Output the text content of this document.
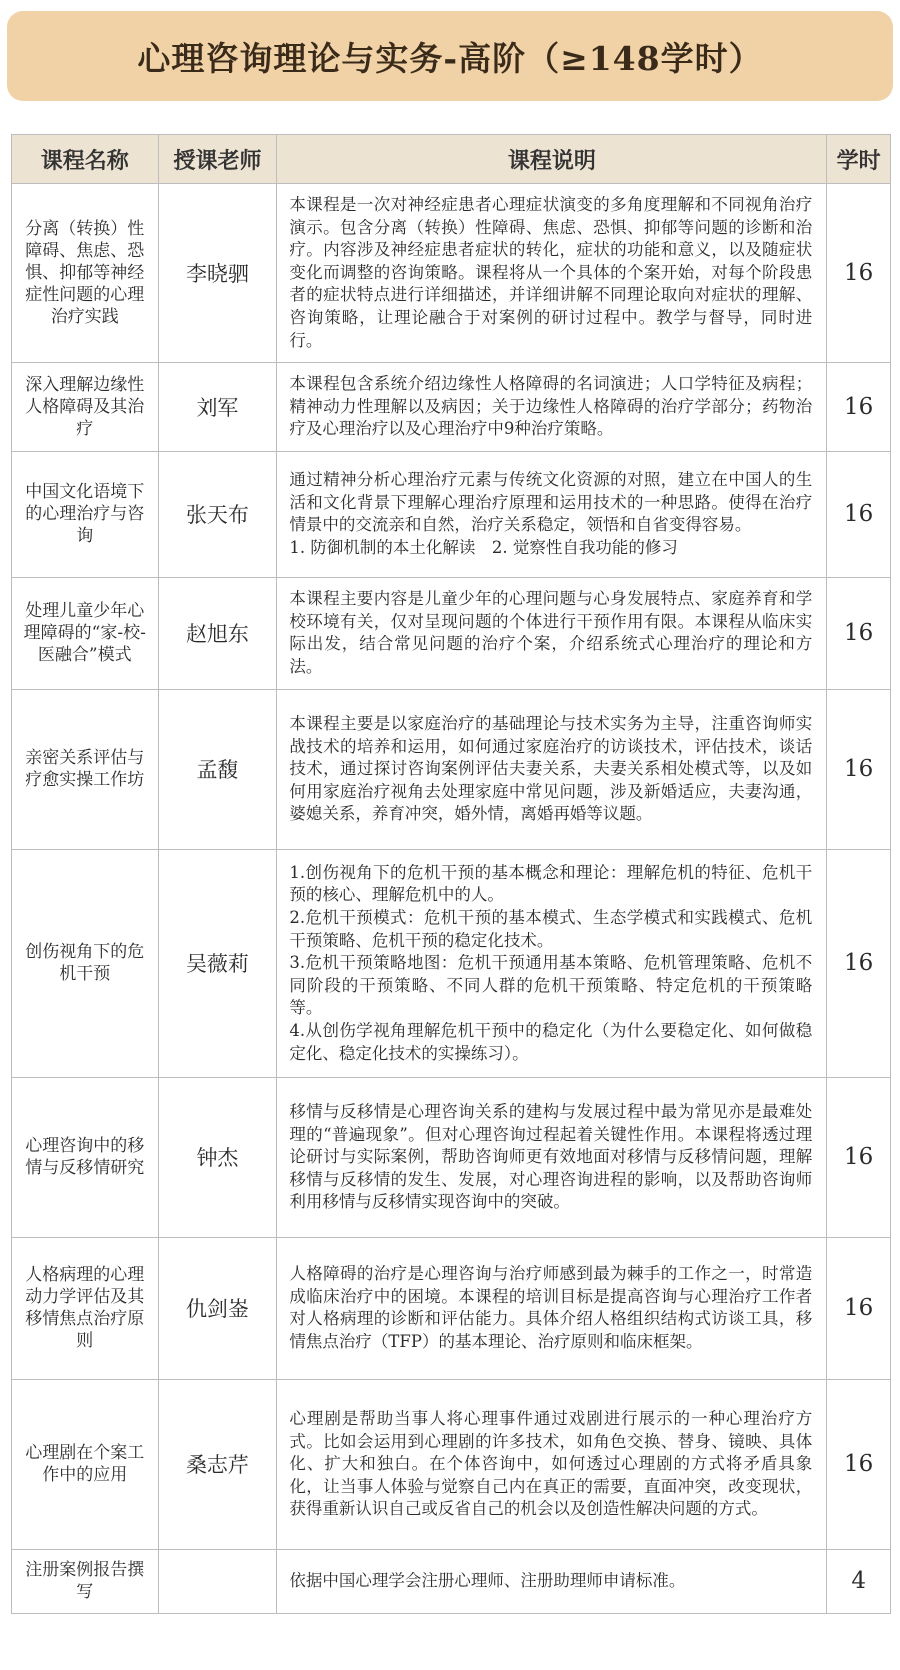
心理咨询理论与实务-高阶（≥148学时）
课程名称	授课老师	课程说明	学时
分离（转换）性障碍、焦虑、恐惧、抑郁等神经症性问题的心理治疗实践	李晓驷	本课程是一次对神经症患者心理症状演变的多角度理解和不同视角治疗演示。包含分离（转换）性障碍、焦虑、恐惧、抑郁等问题的诊断和治疗。内容涉及神经症患者症状的转化，症状的功能和意义，以及随症状变化而调整的咨询策略。课程将从一个具体的个案开始，对每个阶段患者的症状特点进行详细描述，并详细讲解不同理论取向对症状的理解、咨询策略，让理论融合于对案例的研讨过程中。教学与督导，同时进行。	16
深入理解边缘性人格障碍及其治疗	刘军	本课程包含系统介绍边缘性人格障碍的名词演进；人口学特征及病程；精神动力性理解以及病因；关于边缘性人格障碍的治疗学部分；药物治疗及心理治疗以及心理治疗中9种治疗策略。	16
中国文化语境下的心理治疗与咨询	张天布	通过精神分析心理治疗元素与传统文化资源的对照，建立在中国人的生活和文化背景下理解心理治疗原理和运用技术的一种思路。使得在治疗情景中的交流亲和自然，治疗关系稳定，领悟和自省变得容易。
1. 防御机制的本土化解读　2. 觉察性自我功能的修习	16
处理儿童少年心理障碍的“家-校-医融合”模式	赵旭东	本课程主要内容是儿童少年的心理问题与心身发展特点、家庭养育和学校环境有关，仅对呈现问题的个体进行干预作用有限。本课程从临床实际出发，结合常见问题的治疗个案，介绍系统式心理治疗的理论和方法。	16
亲密关系评估与疗愈实操工作坊	孟馥	本课程主要是以家庭治疗的基础理论与技术实务为主导，注重咨询师实战技术的培养和运用，如何通过家庭治疗的访谈技术，评估技术，谈话技术，通过探讨咨询案例评估夫妻关系，夫妻关系相处模式等，以及如何用家庭治疗视角去处理家庭中常见问题，涉及新婚适应，夫妻沟通，婆媳关系，养育冲突，婚外情，离婚再婚等议题。	16
创伤视角下的危机干预	吴薇莉	1.创伤视角下的危机干预的基本概念和理论：理解危机的特征、危机干预的核心、理解危机中的人。
2.危机干预模式：危机干预的基本模式、生态学模式和实践模式、危机干预策略、危机干预的稳定化技术。
3.危机干预策略地图：危机干预通用基本策略、危机管理策略、危机不同阶段的干预策略、不同人群的危机干预策略、特定危机的干预策略等。
4.从创伤学视角理解危机干预中的稳定化（为什么要稳定化、如何做稳定化、稳定化技术的实操练习）。	16
心理咨询中的移情与反移情研究	钟杰	移情与反移情是心理咨询关系的建构与发展过程中最为常见亦是最难处理的“普遍现象”。但对心理咨询过程起着关键性作用。本课程将透过理论研讨与实际案例，帮助咨询师更有效地面对移情与反移情问题，理解移情与反移情的发生、发展，对心理咨询进程的影响，以及帮助咨询师利用移情与反移情实现咨询中的突破。	16
人格病理的心理动力学评估及其移情焦点治疗原则	仇剑崟	人格障碍的治疗是心理咨询与治疗师感到最为棘手的工作之一，时常造成临床治疗中的困境。本课程的培训目标是提高咨询与心理治疗工作者对人格病理的诊断和评估能力。具体介绍人格组织结构式访谈工具，移情焦点治疗（TFP）的基本理论、治疗原则和临床框架。	16
心理剧在个案工作中的应用	桑志芹	心理剧是帮助当事人将心理事件通过戏剧进行展示的一种心理治疗方式。比如会运用到心理剧的许多技术，如角色交换、替身、镜映、具体化、扩大和独白。在个体咨询中，如何透过心理剧的方式将矛盾具象化，让当事人体验与觉察自己内在真正的需要，直面冲突，改变现状，获得重新认识自己或反省自己的机会以及创造性解决问题的方式。	16
注册案例报告撰写		依据中国心理学会注册心理师、注册助理师申请标准。	4
